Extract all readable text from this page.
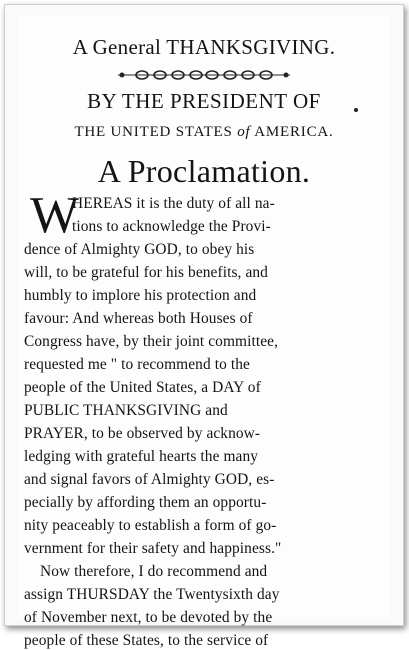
A General THANKSGIVING.
BY THE PRESIDENT OF
THE UNITED STATES of AMERICA.
A Proclamation.
W
HEREAS it is the duty of all na-
tions to acknowledge the Provi-
dence of Almighty GOD, to obey his
will, to be grateful for his benefits, and
humbly to implore his protection and
favour: And whereas both Houses of
Congress have, by their joint committee,
requested me " to recommend to the
people of the United States, a DAY of
PUBLIC THANKSGIVING and
PRAYER, to be observed by acknow-
ledging with grateful hearts the many
and signal favors of Almighty GOD, es-
pecially by affording them an opportu-
nity peaceably to establish a form of go-
vernment for their safety and happiness."
Now therefore, I do recommend and
assign THURSDAY the Twentysixth day
of November next, to be devoted by the
people of these States, to the service of
